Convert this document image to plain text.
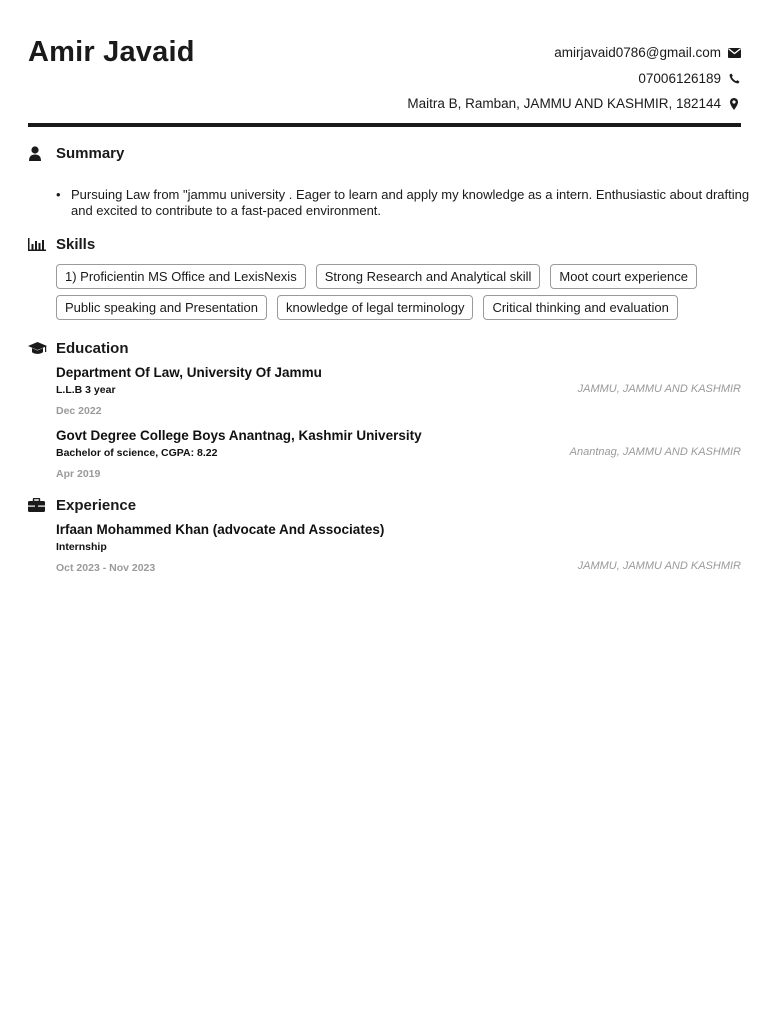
Amir Javaid	amirjavaid0786@gmail.com
07006126189
Maitra B, Ramban, JAMMU AND KASHMIR, 182144
Summary
• Pursuing Law from "jammu university . Eager to learn and apply my knowledge as a intern. Enthusiastic about drafting and excited to contribute to a fast-paced environment.
Skills
1) Proficientin MS Office and LexisNexis	Strong Research and Analytical skill	Moot court experience
Public speaking and Presentation	knowledge of legal terminology	Critical thinking and evaluation
Education
Department Of Law, University Of Jammu
L.L.B 3 year	JAMMU, JAMMU AND KASHMIR
Dec 2022
Govt Degree College Boys Anantnag, Kashmir University
Bachelor of science, CGPA: 8.22	Anantnag, JAMMU AND KASHMIR
Apr 2019
Experience
Irfaan Mohammed Khan (advocate And Associates)
Internship
JAMMU, JAMMU AND KASHMIR
Oct 2023 - Nov 2023
